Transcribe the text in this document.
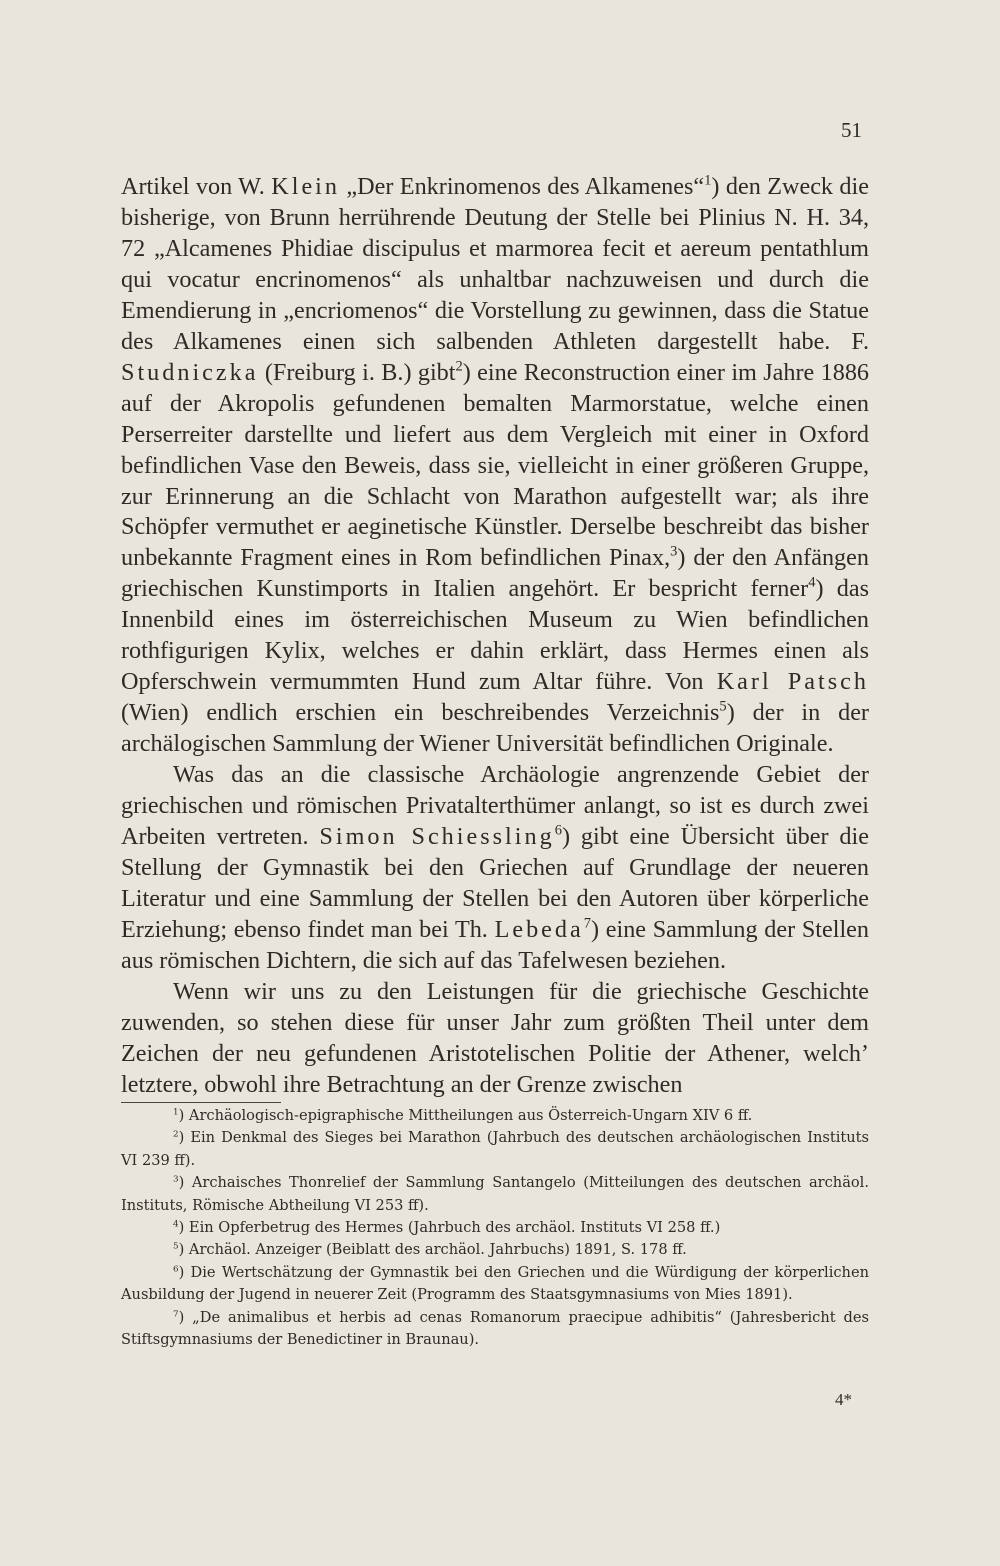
51

Artikel von W. Klein „Der Enkrinomenos des Alkamenes“$^1$) den Zweck die bisherige, von Brunn herrührende Deutung der Stelle bei Plinius N. H. 34, 72 „Alcamenes Phidiae discipulus et marmorea fecit et aereum pentathlum qui vocatur encrinomenos“ als unhaltbar nachzuweisen und durch die Emendierung in „encriomenos“ die Vorstellung zu gewinnen, dass die Statue des Alkamenes einen sich salbenden Athleten dargestellt habe. F. Studniczka (Freiburg i. B.) gibt$^2$) eine Reconstruction einer im Jahre 1886 auf der Akropolis gefundenen bemalten Marmorstatue, welche einen Perserreiter darstellte und liefert aus dem Vergleich mit einer in Oxford befindlichen Vase den Beweis, dass sie, vielleicht in einer größeren Gruppe, zur Erinnerung an die Schlacht von Marathon aufgestellt war; als ihre Schöpfer vermuthet er aeginetische Künstler. Derselbe beschreibt das bisher unbekannte Fragment eines in Rom befindlichen Pinax,$^3$) der den Anfängen griechischen Kunstimports in Italien angehört. Er bespricht ferner$^4$) das Innenbild eines im österreichischen Museum zu Wien befindlichen rothfigurigen Kylix, welches er dahin erklärt, dass Hermes einen als Opferschwein vermummten Hund zum Altar führe. Von Karl Patsch (Wien) endlich erschien ein beschreibendes Verzeichnis$^5$) der in der archälogischen Sammlung der Wiener Universität befindlichen Originale.

Was das an die classische Archäologie angrenzende Gebiet der griechischen und römischen Privatalterthümer anlangt, so ist es durch zwei Arbeiten vertreten. Simon Schiessling$^6$) gibt eine Übersicht über die Stellung der Gymnastik bei den Griechen auf Grundlage der neueren Literatur und eine Sammlung der Stellen bei den Autoren über körperliche Erziehung; ebenso findet man bei Th. Lebeda$^7$) eine Sammlung der Stellen aus römischen Dichtern, die sich auf das Tafelwesen beziehen.

Wenn wir uns zu den Leistungen für die griechische Geschichte zuwenden, so stehen diese für unser Jahr zum größten Theil unter dem Zeichen der neu gefundenen Aristotelischen Politie der Athener, welch’ letztere, obwohl ihre Betrachtung an der Grenze zwischen

$^1$) Archäologisch-epigraphische Mittheilungen aus Österreich-Ungarn XIV 6 ff.

$^2$) Ein Denkmal des Sieges bei Marathon (Jahrbuch des deutschen archäologischen Instituts VI 239 ff).

$^3$) Archaisches Thonrelief der Sammlung Santangelo (Mitteilungen des deutschen archäol. Instituts, Römische Abtheilung VI 253 ff).

$^4$) Ein Opferbetrug des Hermes (Jahrbuch des archäol. Instituts VI 258 ff.)

$^5$) Archäol. Anzeiger (Beiblatt des archäol. Jahrbuchs) 1891, S. 178 ff.

$^6$) Die Wertschätzung der Gymnastik bei den Griechen und die Würdigung der körperlichen Ausbildung der Jugend in neuerer Zeit (Programm des Staatsgymnasiums von Mies 1891).

$^7$) „De animalibus et herbis ad cenas Romanorum praecipue adhibitis“ (Jahresbericht des Stiftsgymnasiums der Benedictiner in Braunau).

4*
